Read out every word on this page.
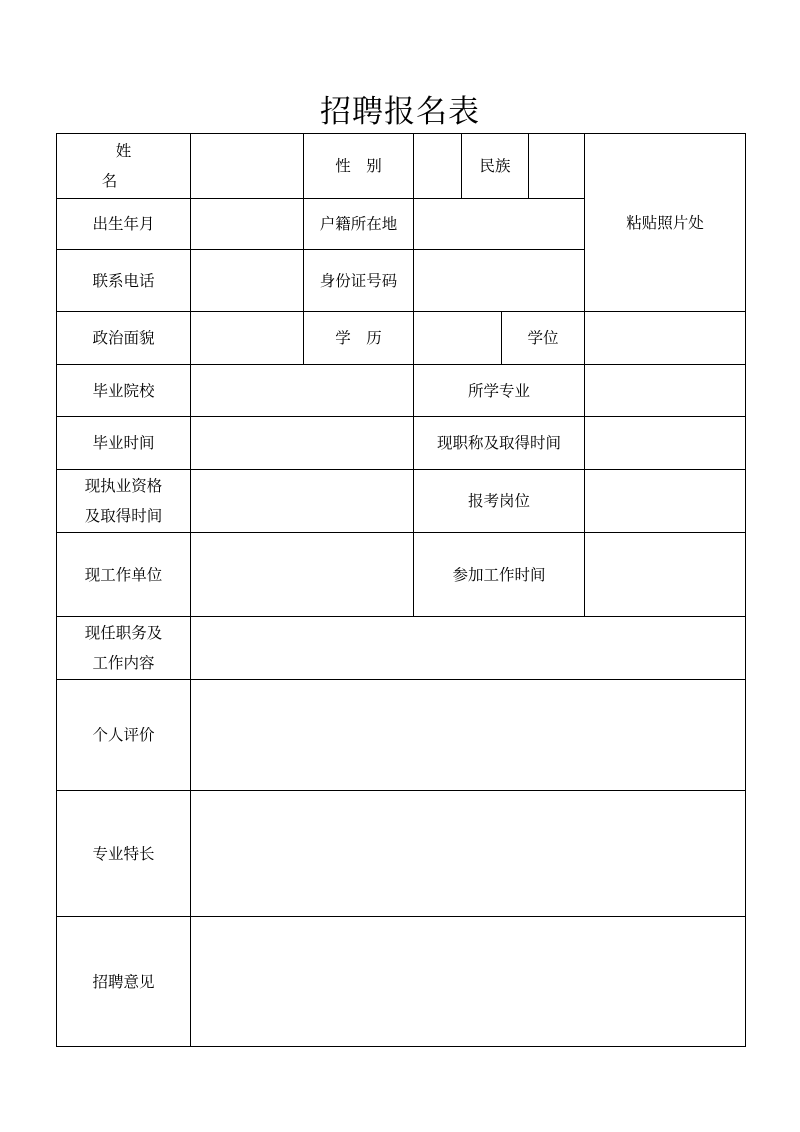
招聘报名表
姓　名		性　别		民族			粘贴照片处
出生年月		户籍所在地					
联系电话		身份证号码					
政治面貌		学　历			学位		
毕业院校			所学专业				
毕业时间			现职称及取得时间				

现执业资格
及取得时间			报考岗位				
现工作单位			参加工作时间				

现任职务及
工作内容							

个人评价							
专业特长							
招聘意见							
